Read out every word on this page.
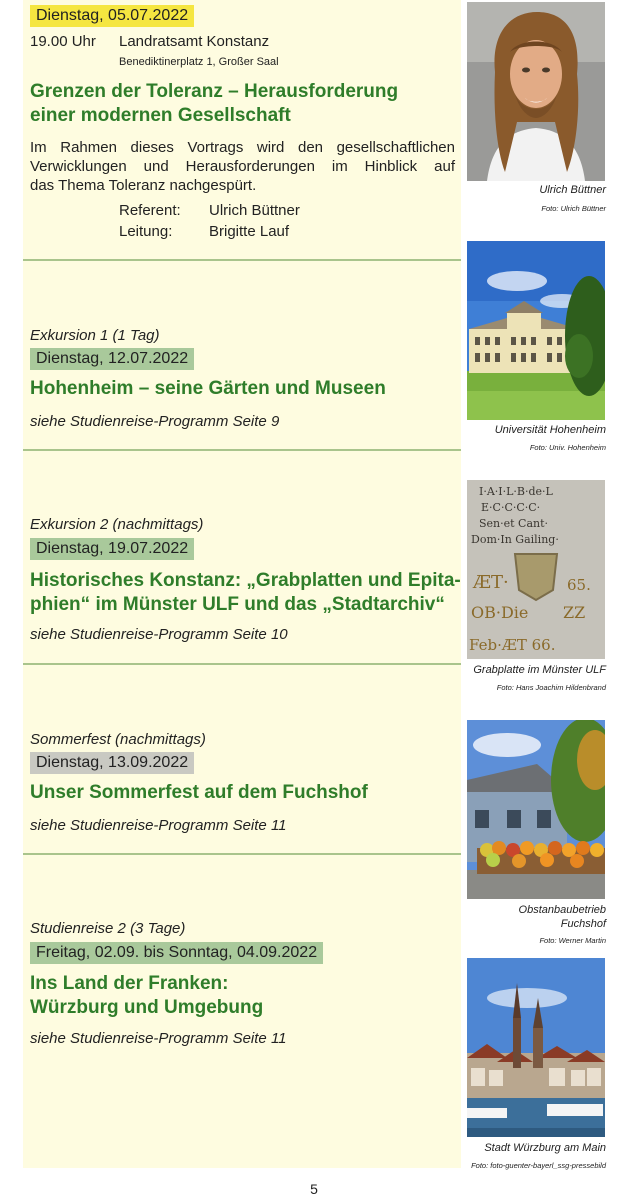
Dienstag, 05.07.2022
19.00 Uhr Landratsamt Konstanz
Benediktinerplatz 1, Großer Saal
Grenzen der Toleranz – Herausforderung
einer modernen Gesellschaft
Im Rahmen dieses Vortrags wird den gesellschaftlichen
Verwicklungen und Herausforderungen im Hinblick auf
das Thema Toleranz nachgespürt.
Referent: Ulrich Büttner
Leitung: Brigitte Lauf
Exkursion 1 (1 Tag)
Dienstag, 12.07.2022
Hohenheim – seine Gärten und Museen
siehe Studienreise-Programm Seite 9
Exkursion 2 (nachmittags)
Dienstag, 19.07.2022
Historisches Konstanz: „Grabplatten und Epita-
phien“ im Münster ULF und das „Stadtarchiv“
siehe Studienreise-Programm Seite 10
Sommerfest (nachmittags)
Dienstag, 13.09.2022
Unser Sommerfest auf dem Fuchshof
siehe Studienreise-Programm Seite 11
Studienreise 2 (3 Tage)
Freitag, 02.09. bis Sonntag, 04.09.2022
Ins Land der Franken:
Würzburg und Umgebung
siehe Studienreise-Programm Seite 11
Ulrich Büttner
Foto: Ulrich Büttner
Universität Hohenheim
Foto: Univ. Hohenheim
I·A·I·L·B·de·L
E·C·C·C·C·
Sen·et Cant·
Dom·In Gailing·
ÆT·	65.
OB·Die ZZ
Feb·ÆT 66.
Grabplatte im Münster ULF
Foto: Hans Joachim Hildenbrand
Obstanbaubetrieb
Fuchshof
Foto: Werner Martin
Stadt Würzburg am Main
Foto: foto-guenter-bayerl_ssg-pressebild
5
